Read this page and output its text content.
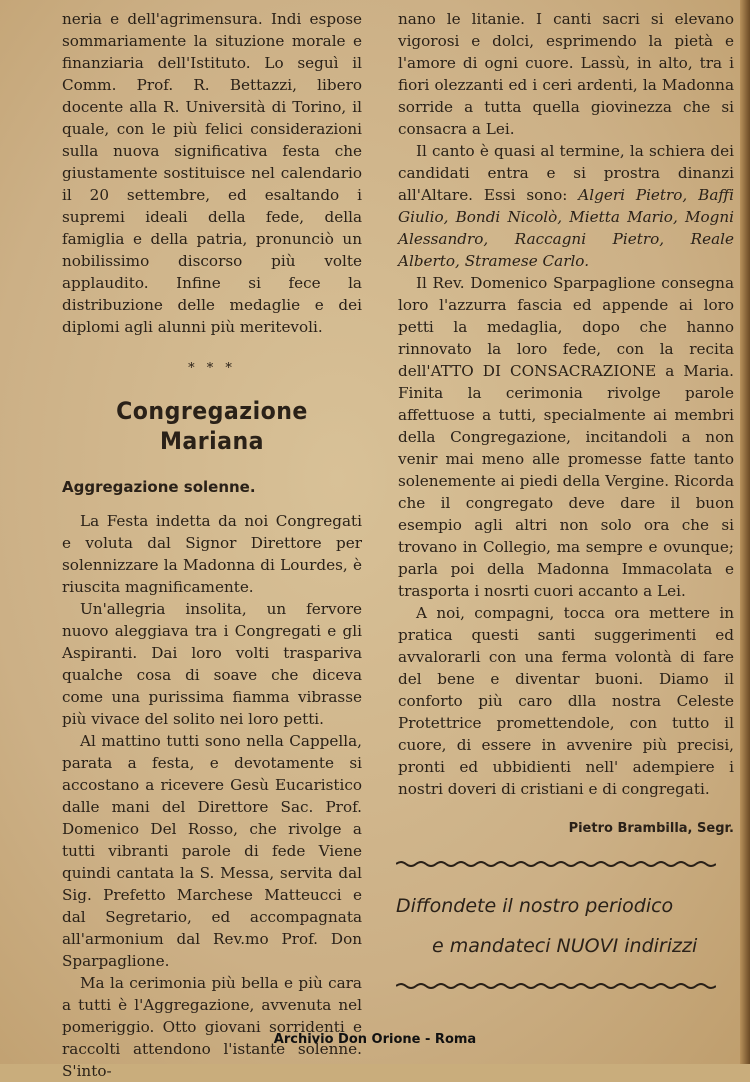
neria e dell'agrimensura. Indi espose sommariamente la situzione morale e finanziaria dell'Istituto. Lo seguì il Comm. Prof. R. Bettazzi, libero docente alla R. Università di Torino, il quale, con le più felici considerazioni sulla nuova significativa festa che giustamente sostituisce nel calendario il 20 settembre, ed esaltando i supremi ideali della fede, della famiglia e della patria, pronunciò un nobilissimo discorso più volte applaudito. Infine si fece la distribuzione delle medaglie e dei diplomi agli alunni più meritevoli.

* * *
Congregazione Mariana
Aggregazione solenne.

La Festa indetta da noi Congregati e voluta dal Signor Direttore per solennizzare la Madonna di Lourdes, è riuscita magnificamente.

Un'allegria insolita, un fervore nuovo aleggiava tra i Congregati e gli Aspiranti. Dai loro volti traspariva qualche cosa di soave che diceva come una purissima fiamma vibrasse più vivace del solito nei loro petti.

Al mattino tutti sono nella Cappella, parata a festa, e devotamente si accostano a ricevere Gesù Eucaristico dalle mani del Direttore Sac. Prof. Domenico Del Rosso, che rivolge a tutti vibranti parole di fede Viene quindi cantata la S. Messa, servita dal Sig. Prefetto Marchese Matteucci e dal Segretario, ed accompagnata all'armonium dal Rev.mo Prof. Don Sparpaglione.

Ma la cerimonia più bella e più cara a tutti è l'Aggregazione, avvenuta nel pomeriggio. Otto giovani sorridenti e raccolti attendono l'istante solenne. S'into-

nano le litanie. I canti sacri si elevano vigorosi e dolci, esprimendo la pietà e l'amore di ogni cuore. Lassù, in alto, tra i fiori olezzanti ed i ceri ardenti, la Madonna sorride a tutta quella giovinezza che si consacra a Lei.

Il canto è quasi al termine, la schiera dei candidati entra e si prostra dinanzi all'Altare. Essi sono: Algeri Pietro, Baffi Giulio, Bondi Nicolò, Mietta Mario, Mogni Alessandro, Raccagni Pietro, Reale Alberto, Stramese Carlo.

Il Rev. Domenico Sparpaglione consegna loro l'azzurra fascia ed appende ai loro petti la medaglia, dopo che hanno rinnovato la loro fede, con la recita dell'ATTO DI CONSACRAZIONE a Maria. Finita la cerimonia rivolge parole affettuose a tutti, specialmente ai membri della Congregazione, incitandoli a non venir mai meno alle promesse fatte tanto solenemente ai piedi della Vergine. Ricorda che il congregato deve dare il buon esempio agli altri non solo ora che si trovano in Collegio, ma sempre e ovunque; parla poi della Madonna Immacolata e trasporta i nosrti cuori accanto a Lei.

A noi, compagni, tocca ora mettere in pratica questi santi suggerimenti ed avvalorarli con una ferma volontà di fare del bene e diventar buoni. Diamo il conforto più caro dlla nostra Celeste Protettrice promettendole, con tutto il cuore, di essere in avvenire più precisi, pronti ed ubbidienti nell' adempiere i nostri doveri di cristiani e di congregati.

Pietro Brambilla, Segr.
Diffondete il nostro periodico
e mandateci NUOVI indirizzi
Archivio Don Orione - Roma
